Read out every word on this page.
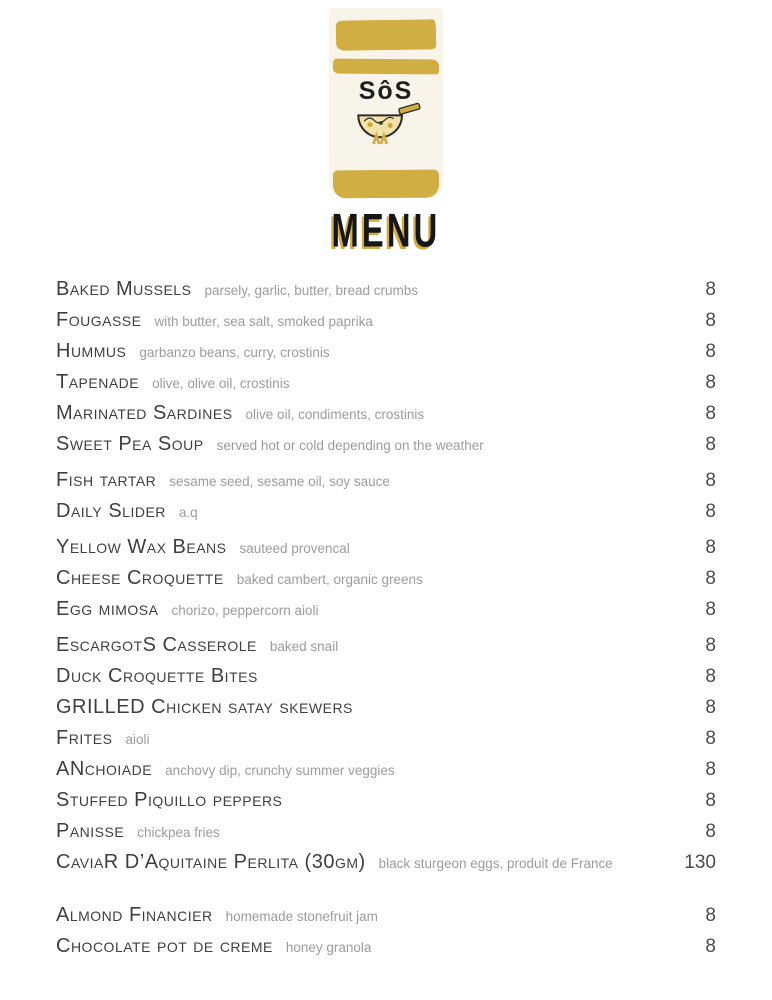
SôS
MENU
Baked Mussels parsely, garlic, butter, bread crumbs	8
Fougasse with butter, sea salt, smoked paprika	8
Hummus garbanzo beans, curry, crostinis	8
Tapenade olive, olive oil, crostinis	8
Marinated Sardines olive oil, condiments, crostinis	8
Sweet Pea Soup served hot or cold depending on the weather	8
Fish tartar sesame seed, sesame oil, soy sauce	8
Daily Slider a.q	8
Yellow Wax Beans sauteed provencal	8
Cheese Croquette baked cambert, organic greens	8
Egg mimosa chorizo, peppercorn aioli	8
EscargotS Casserole baked snail	8
Duck Croquette Bites	8
GRILLED Chicken satay skewers	8
Frites aioli	8
ANchoiade anchovy dip, crunchy summer veggies	8
Stuffed Piquillo peppers	8
Panisse chickpea fries	8
CaviaR D’Aquitaine Perlita (30gm) black sturgeon eggs, produit de France	130
Almond Financier homemade stonefruit jam	8
Chocolate pot de creme honey granola	8
